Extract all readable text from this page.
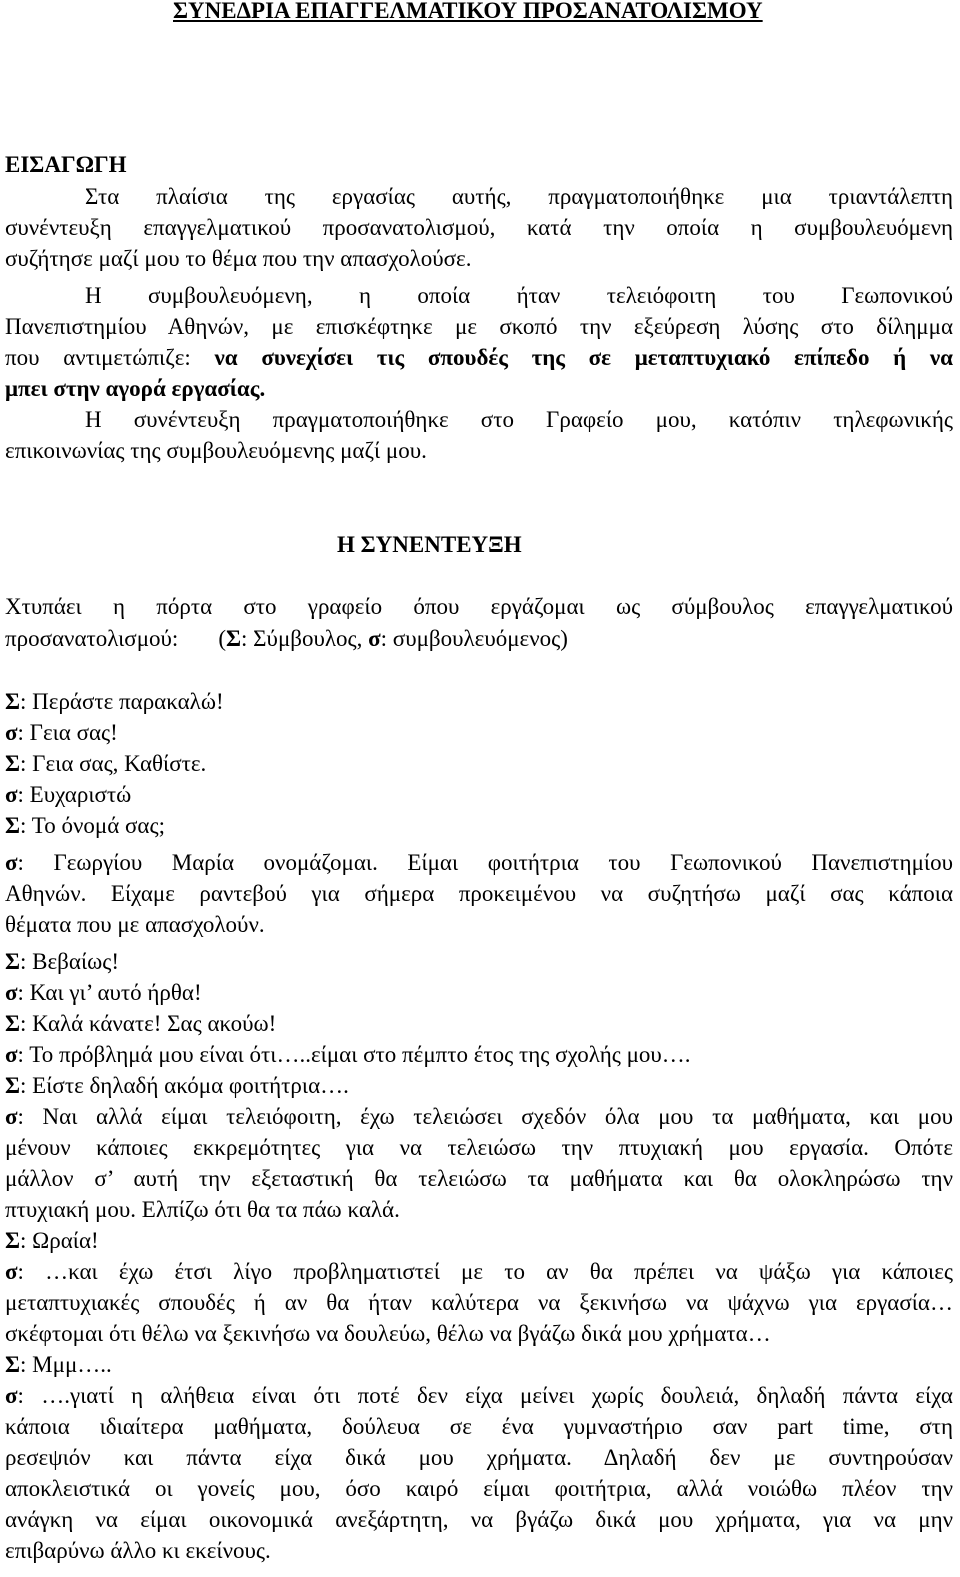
ΣΥΝΕΔΡΙΑ ΕΠΑΓΓΕΛΜΑΤΙΚΟΥ ΠΡΟΣΑΝΑΤΟΛΙΣΜΟΥ
ΕΙΣΑΓΩΓΗ
Στα πλαίσια της εργασίας αυτής, πραγματοποιήθηκε μια τριαντάλεπτη
συνέντευξη επαγγελματικού προσανατολισμού, κατά την οποία η συμβουλευόμενη
συζήτησε μαζί μου το θέμα που την απασχολούσε.
Η συμβουλευόμενη, η οποία ήταν τελειόφοιτη του Γεωπονικού
Πανεπιστημίου Αθηνών, με επισκέφτηκε με σκοπό την εξεύρεση λύσης στο δίλημμα
που αντιμετώπιζε: να συνεχίσει τις σπουδές της σε μεταπτυχιακό επίπεδο ή να
μπει στην αγορά εργασίας.
Η συνέντευξη πραγματοποιήθηκε στο Γραφείο μου, κατόπιν τηλεφωνικής
επικοινωνίας της συμβουλευόμενης μαζί μου.
Η ΣΥΝΕΝΤΕΥΞΗ
Χτυπάει η πόρτα στο γραφείο όπου εργάζομαι ως σύμβουλος επαγγελματικού
προσανατολισμού: (Σ: Σύμβουλος, σ: συμβουλευόμενος)
Σ: Περάστε παρακαλώ!
σ: Γεια σας!
Σ: Γεια σας, Καθίστε.
σ: Ευχαριστώ
Σ: Το όνομά σας;
σ: Γεωργίου Μαρία ονομάζομαι. Είμαι φοιτήτρια του Γεωπονικού Πανεπιστημίου
Αθηνών. Είχαμε ραντεβού για σήμερα προκειμένου να συζητήσω μαζί σας κάποια
θέματα που με απασχολούν.
Σ: Βεβαίως!
σ: Και γι’ αυτό ήρθα!
Σ: Καλά κάνατε! Σας ακούω!
σ: Το πρόβλημά μου είναι ότι…..είμαι στο πέμπτο έτος της σχολής μου….
Σ: Είστε δηλαδή ακόμα φοιτήτρια….
σ: Ναι αλλά είμαι τελειόφοιτη, έχω τελειώσει σχεδόν όλα μου τα μαθήματα, και μου
μένουν κάποιες εκκρεμότητες για να τελειώσω την πτυχιακή μου εργασία. Οπότε
μάλλον σ’ αυτή την εξεταστική θα τελειώσω τα μαθήματα και θα ολοκληρώσω την
πτυχιακή μου. Ελπίζω ότι θα τα πάω καλά.
Σ: Ωραία!
σ: …και έχω έτσι λίγο προβληματιστεί με το αν θα πρέπει να ψάξω για κάποιες
μεταπτυχιακές σπουδές ή αν θα ήταν καλύτερα να ξεκινήσω να ψάχνω για εργασία…
σκέφτομαι ότι θέλω να ξεκινήσω να δουλεύω, θέλω να βγάζω δικά μου χρήματα…
Σ: Μμμ…..
σ: ….γιατί η αλήθεια είναι ότι ποτέ δεν είχα μείνει χωρίς δουλειά, δηλαδή πάντα είχα
κάποια ιδιαίτερα μαθήματα, δούλευα σε ένα γυμναστήριο σαν part time, στη
ρεσεψιόν και πάντα είχα δικά μου χρήματα. Δηλαδή δεν με συντηρούσαν
αποκλειστικά οι γονείς μου, όσο καιρό είμαι φοιτήτρια, αλλά νοιώθω πλέον την
ανάγκη να είμαι οικονομικά ανεξάρτητη, να βγάζω δικά μου χρήματα, για να μην
επιβαρύνω άλλο κι εκείνους.
